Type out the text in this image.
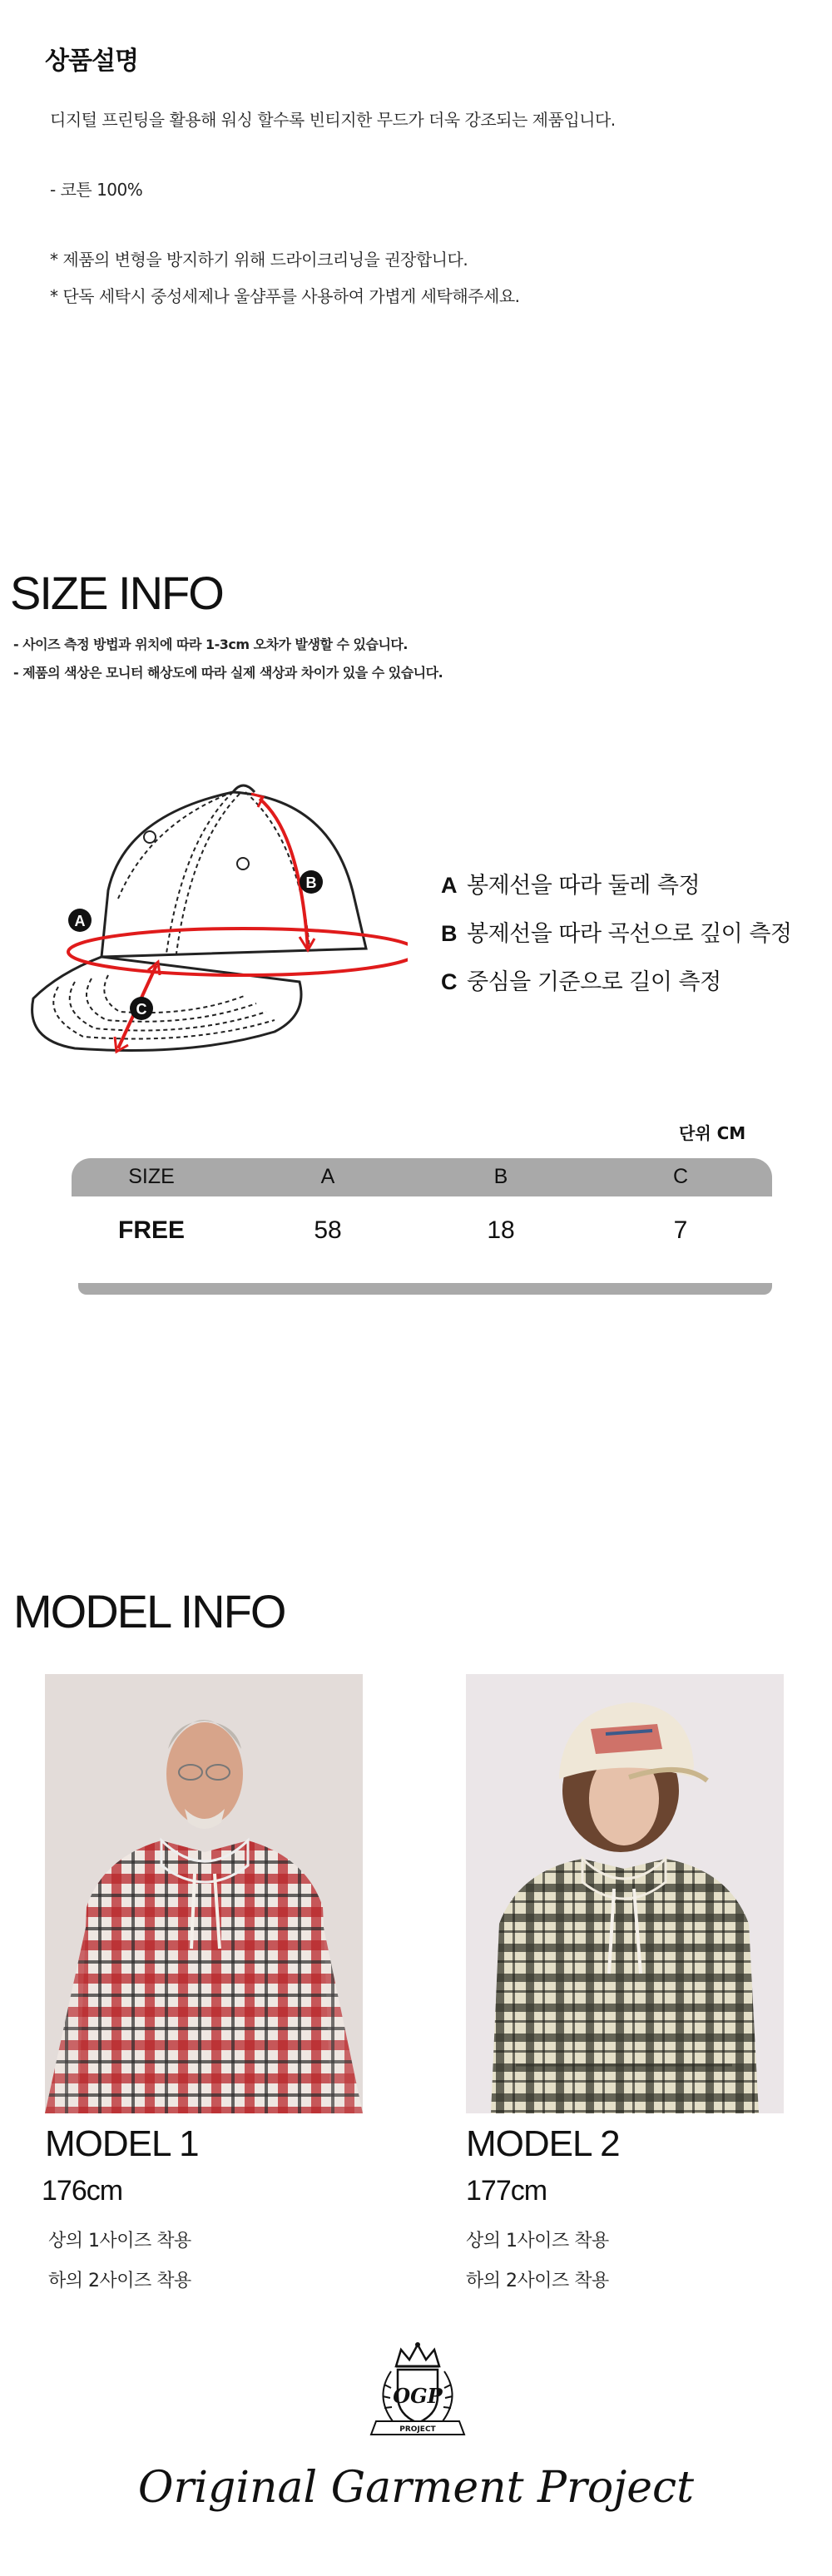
상품설명
디지털 프린팅을 활용해 워싱 할수록 빈티지한 무드가 더욱 강조되는 제품입니다.
- 코튼 100%
* 제품의 변형을 방지하기 위해 드라이크리닝을 권장합니다.
* 단독 세탁시 중성세제나 울샴푸를 사용하여 가볍게 세탁해주세요.
SIZE INFO
- 사이즈 측정 방법과 위치에 따라 1-3cm 오차가 발생할 수 있습니다.
- 제품의 색상은 모니터 해상도에 따라 실제 색상과 차이가 있을 수 있습니다.
A
B
C
A 봉제선을 따라 둘레 측정
B 봉제선을 따라 곡선으로 깊이 측정
C 중심을 기준으로 길이 측정
단위 CM
SIZE	A	B	C
FREE	58	18	7
MODEL INFO
MODEL 1
176cm
상의 1사이즈 착용
하의 2사이즈 착용
MODEL 2
177cm
상의 1사이즈 착용
하의 2사이즈 착용
OGP
PROJECT
Original Garment Project
